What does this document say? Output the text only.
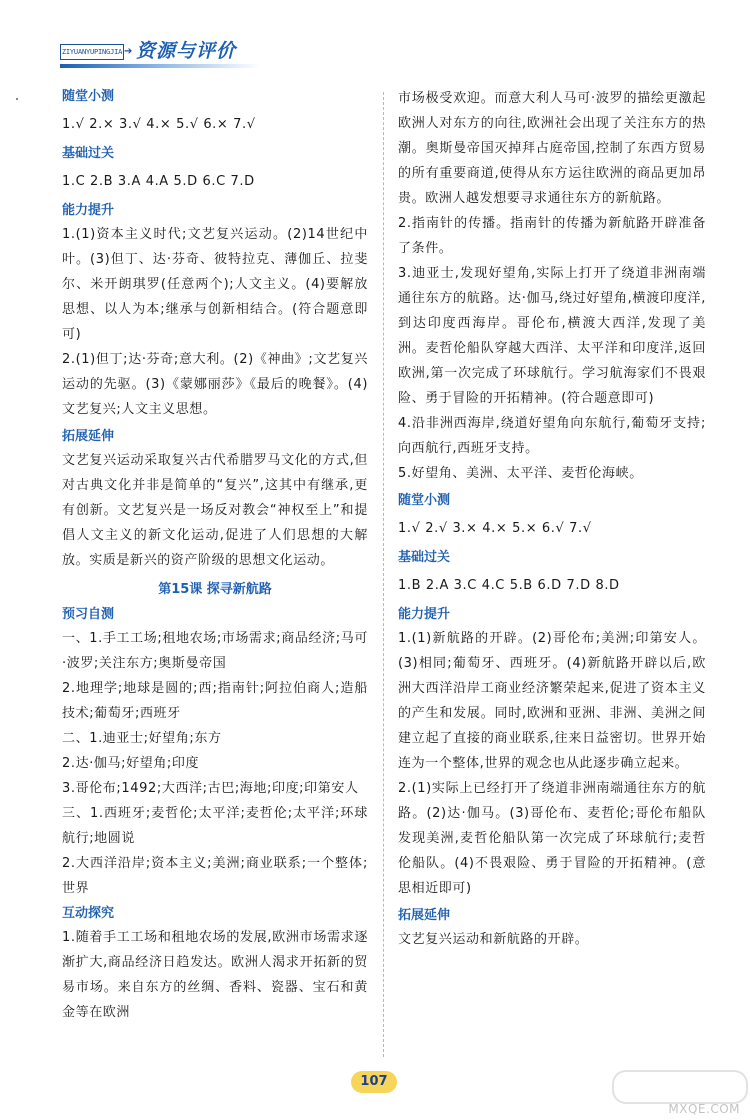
ZIYUANYUPINGJIA ➔ 资源与评价

随堂小测

1.√ 2.× 3.√ 4.× 5.√ 6.× 7.√

基础过关

1.C 2.B 3.A 4.A 5.D 6.C 7.D

能力提升

1.(1)资本主义时代;文艺复兴运动。(2)14世纪中叶。(3)但丁、达·芬奇、彼特拉克、薄伽丘、拉斐尔、米开朗琪罗(任意两个);人文主义。(4)要解放思想、以人为本;继承与创新相结合。(符合题意即可)

2.(1)但丁;达·芬奇;意大利。(2)《神曲》;文艺复兴运动的先驱。(3)《蒙娜丽莎》《最后的晚餐》。(4)文艺复兴;人文主义思想。

拓展延伸

文艺复兴运动采取复兴古代希腊罗马文化的方式,但对古典文化并非是简单的“复兴”,这其中有继承,更有创新。文艺复兴是一场反对教会“神权至上”和提倡人文主义的新文化运动,促进了人们思想的大解放。实质是新兴的资产阶级的思想文化运动。

第15课 探寻新航路

预习自测

一、1.手工工场;租地农场;市场需求;商品经济;马可·波罗;关注东方;奥斯曼帝国

2.地理学;地球是圆的;西;指南针;阿拉伯商人;造船技术;葡萄牙;西班牙

二、1.迪亚士;好望角;东方

2.达·伽马;好望角;印度

3.哥伦布;1492;大西洋;古巴;海地;印度;印第安人

三、1.西班牙;麦哲伦;太平洋;麦哲伦;太平洋;环球航行;地圆说

2.大西洋沿岸;资本主义;美洲;商业联系;一个整体;世界

互动探究

1.随着手工工场和租地农场的发展,欧洲市场需求逐渐扩大,商品经济日趋发达。欧洲人渴求开拓新的贸易市场。来自东方的丝绸、香料、瓷器、宝石和黄金等在欧洲

市场极受欢迎。而意大利人马可·波罗的描绘更激起欧洲人对东方的向往,欧洲社会出现了关注东方的热潮。奥斯曼帝国灭掉拜占庭帝国,控制了东西方贸易的所有重要商道,使得从东方运往欧洲的商品更加昂贵。欧洲人越发想要寻求通往东方的新航路。

2.指南针的传播。指南针的传播为新航路开辟准备了条件。

3.迪亚士,发现好望角,实际上打开了绕道非洲南端通往东方的航路。达·伽马,绕过好望角,横渡印度洋,到达印度西海岸。哥伦布,横渡大西洋,发现了美洲。麦哲伦船队穿越大西洋、太平洋和印度洋,返回欧洲,第一次完成了环球航行。学习航海家们不畏艰险、勇于冒险的开拓精神。(符合题意即可)

4.沿非洲西海岸,绕道好望角向东航行,葡萄牙支持;向西航行,西班牙支持。

5.好望角、美洲、太平洋、麦哲伦海峡。

随堂小测

1.√ 2.√ 3.× 4.× 5.× 6.√ 7.√

基础过关

1.B 2.A 3.C 4.C 5.B 6.D 7.D 8.D

能力提升

1.(1)新航路的开辟。(2)哥伦布;美洲;印第安人。(3)相同;葡萄牙、西班牙。(4)新航路开辟以后,欧洲大西洋沿岸工商业经济繁荣起来,促进了资本主义的产生和发展。同时,欧洲和亚洲、非洲、美洲之间建立起了直接的商业联系,往来日益密切。世界开始连为一个整体,世界的观念也从此逐步确立起来。

2.(1)实际上已经打开了绕道非洲南端通往东方的航路。(2)达·伽马。(3)哥伦布、麦哲伦;哥伦布船队发现美洲,麦哲伦船队第一次完成了环球航行;麦哲伦船队。(4)不畏艰险、勇于冒险的开拓精神。(意思相近即可)

拓展延伸

文艺复兴运动和新航路的开辟。

107
MXQE.COM
